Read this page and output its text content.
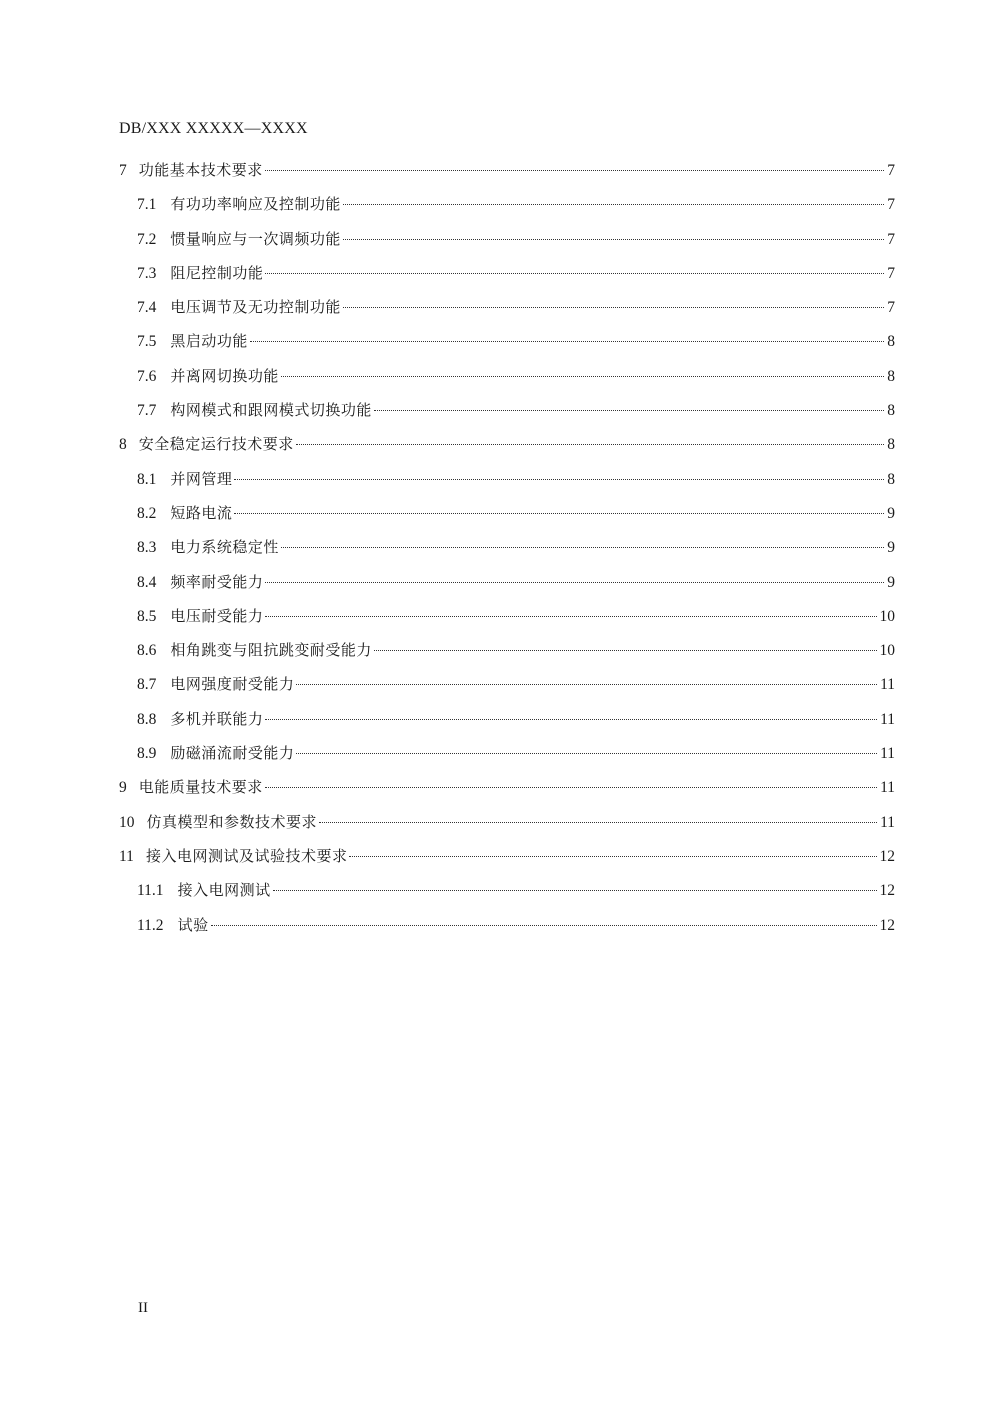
DB/XXX XXXXX—XXXX
7 功能基本技术要求	7
7.1 有功功率响应及控制功能	7
7.2 惯量响应与一次调频功能	7
7.3 阻尼控制功能	7
7.4 电压调节及无功控制功能	7
7.5 黑启动功能	8
7.6 并离网切换功能	8
7.7 构网模式和跟网模式切换功能	8
8 安全稳定运行技术要求	8
8.1 并网管理	8
8.2 短路电流	9
8.3 电力系统稳定性	9
8.4 频率耐受能力	9
8.5 电压耐受能力	10
8.6 相角跳变与阻抗跳变耐受能力	10
8.7 电网强度耐受能力	11
8.8 多机并联能力	11
8.9 励磁涌流耐受能力	11
9 电能质量技术要求	11
10 仿真模型和参数技术要求	11
11 接入电网测试及试验技术要求	12
11.1 接入电网测试	12
11.2 试验	12
II
